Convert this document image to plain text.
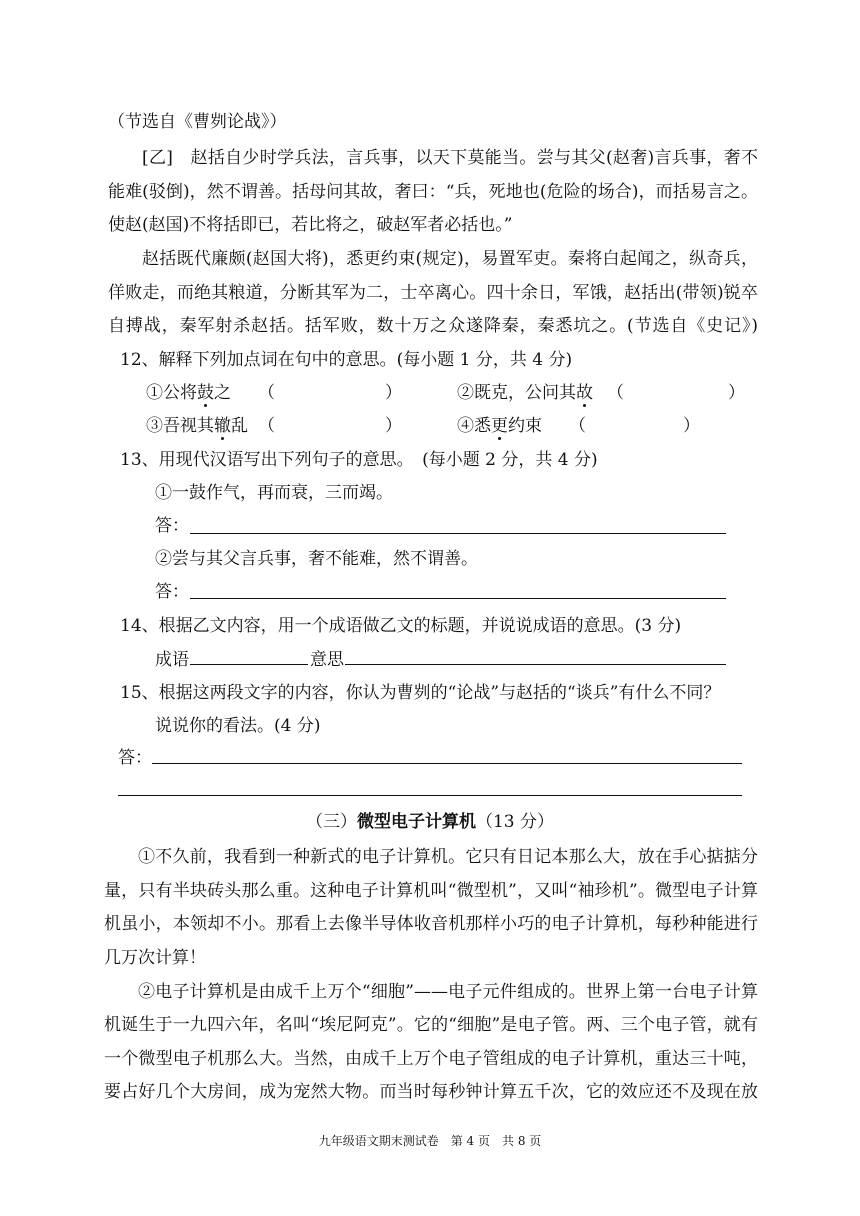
（节选自《曹刿论战》）
[乙]　赵括自少时学兵法，言兵事，以天下莫能当。尝与其父(赵奢)言兵事，奢不
能难(驳倒)，然不谓善。括母问其故，奢曰：“兵，死地也(危险的场合)，而括易言之。
使赵(赵国)不将括即已，若比将之，破赵军者必括也。”
赵括既代廉颇(赵国大将)，悉更约束(规定)，易置军吏。秦将白起闻之，纵奇兵，
佯败走，而绝其粮道，分断其军为二，士卒离心。四十余日，军饿，赵括出(带领)锐卒
自搏战，秦军射杀赵括。括军败，数十万之众遂降秦，秦悉坑之。(节选自《史记》)
12、解释下列加点词在句中的意思。(每小题 1 分，共 4 分)
①公将鼓之 （	）	②既克，公问其故 （	）
③吾视其辙乱 （	）	④悉更约束 （	）
13、用现代汉语写出下列句子的意思。　(每小题 2 分，共 4 分)
①一鼓作气，再而衰，三而竭。
答：
②尝与其父言兵事，奢不能难，然不谓善。
答：
14、根据乙文内容，用一个成语做乙文的标题，并说说成语的意思。(3 分)
成语	意思
15、根据这两段文字的内容，你认为曹刿的“论战”与赵括的“谈兵”有什么不同？
说说你的看法。(4 分)
答：
（三）微型电子计算机（13 分）
①不久前，我看到一种新式的电子计算机。它只有日记本那么大，放在手心掂掂分
量，只有半块砖头那么重。这种电子计算机叫“微型机”，又叫“袖珍机”。微型电子计算
机虽小，本领却不小。那看上去像半导体收音机那样小巧的电子计算机，每秒种能进行
几万次计算！
②电子计算机是由成千上万个“细胞”——电子元件组成的。世界上第一台电子计算
机诞生于一九四六年，名叫“埃尼阿克”。它的“细胞”是电子管。两、三个电子管，就有
一个微型电子机那么大。当然，由成千上万个电子管组成的电子计算机，重达三十吨，
要占好几个大房间，成为宠然大物。而当时每秒钟计算五千次，它的效应还不及现在放
九年级语文期末测试卷　第 4 页　共 8 页
